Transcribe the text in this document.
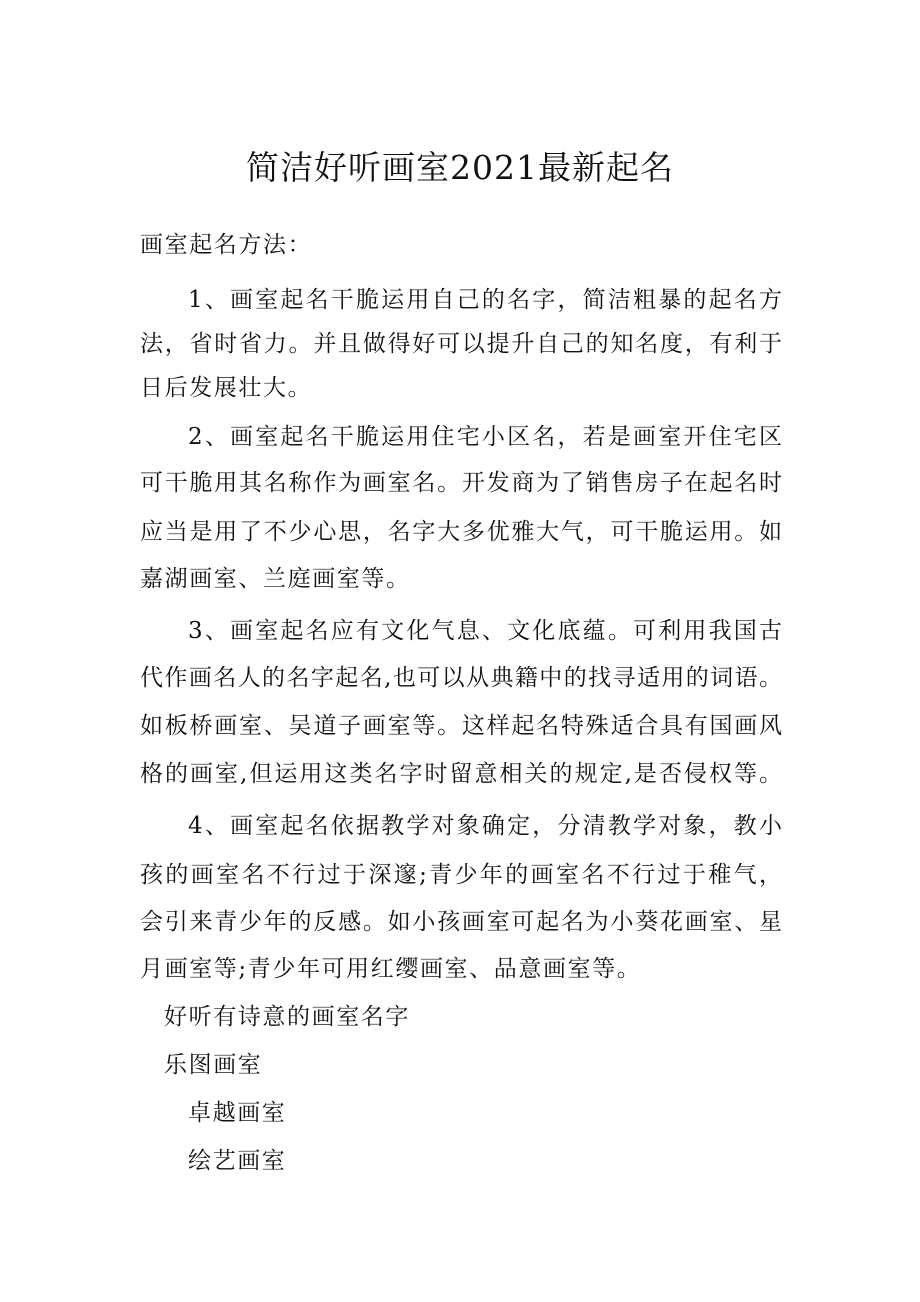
简洁好听画室2021最新起名
画室起名方法：
1、画室起名干脆运用自己的名字，简洁粗暴的起名方
法，省时省力。并且做得好可以提升自己的知名度，有利于
日后发展壮大。
2、画室起名干脆运用住宅小区名，若是画室开住宅区
可干脆用其名称作为画室名。开发商为了销售房子在起名时
应当是用了不少心思，名字大多优雅大气，可干脆运用。如
嘉湖画室、兰庭画室等。
3、画室起名应有文化气息、文化底蕴。可利用我国古
代作画名人的名字起名,也可以从典籍中的找寻适用的词语。
如板桥画室、吴道子画室等。这样起名特殊适合具有国画风
格的画室,但运用这类名字时留意相关的规定,是否侵权等。
4、画室起名依据教学对象确定，分清教学对象，教小
孩的画室名不行过于深邃;青少年的画室名不行过于稚气，
会引来青少年的反感。如小孩画室可起名为小葵花画室、星
月画室等;青少年可用红缨画室、品意画室等。
好听有诗意的画室名字
乐图画室
卓越画室
绘艺画室
